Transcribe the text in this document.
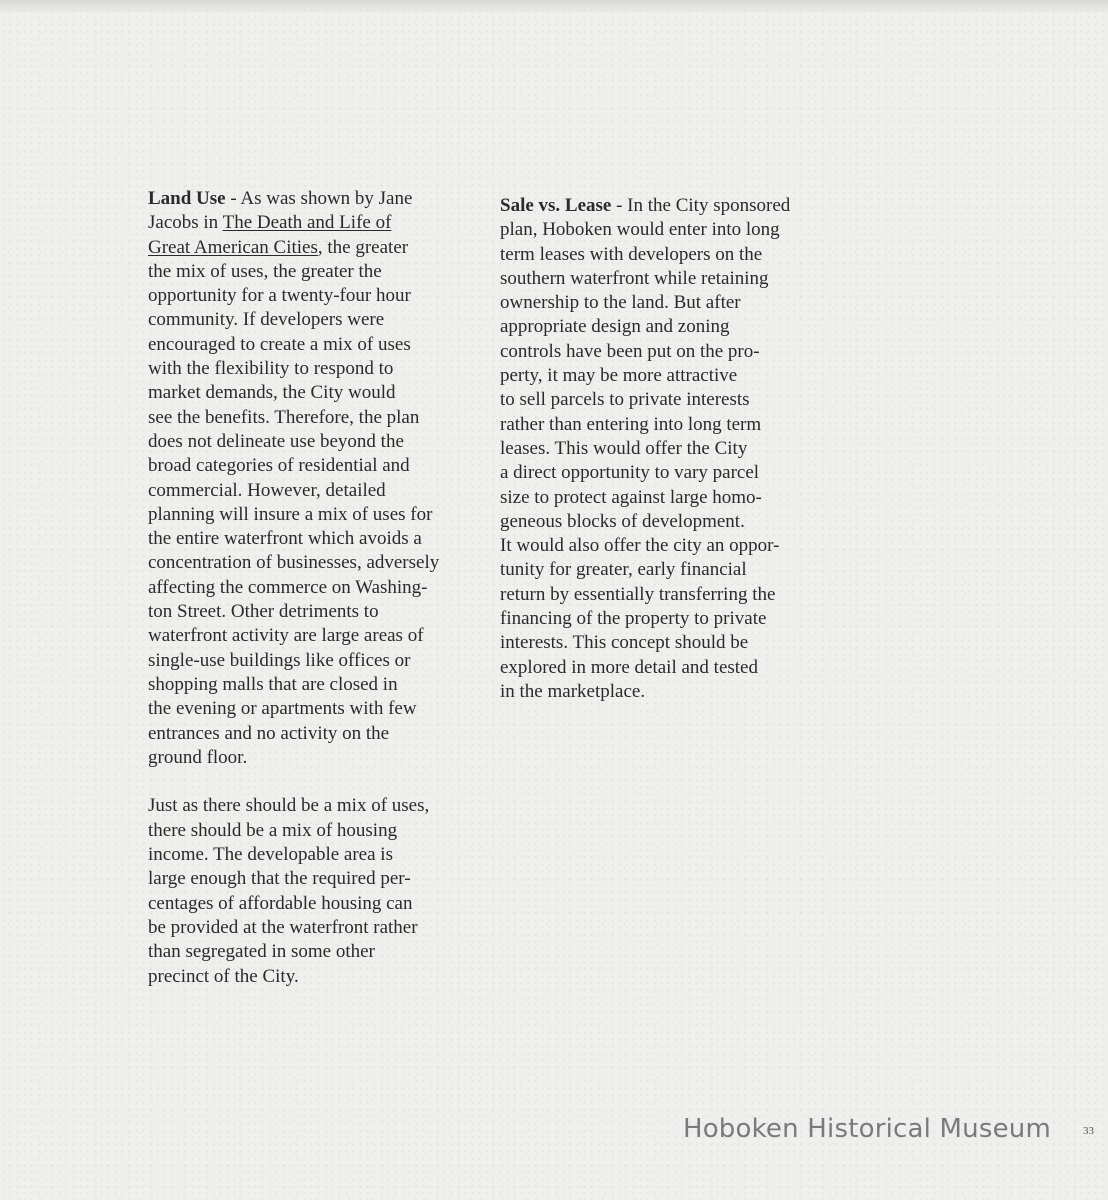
Land Use - As was shown by Jane
Jacobs in The Death and Life of
Great American Cities, the greater
the mix of uses, the greater the
opportunity for a twenty-four hour
community. If developers were
encouraged to create a mix of uses
with the flexibility to respond to
market demands, the City would
see the benefits. Therefore, the plan
does not delineate use beyond the
broad categories of residential and
commercial. However, detailed
planning will insure a mix of uses for
the entire waterfront which avoids a
concentration of businesses, adversely
affecting the commerce on Washing-
ton Street. Other detriments to
waterfront activity are large areas of
single-use buildings like offices or
shopping malls that are closed in
the evening or apartments with few
entrances and no activity on the
ground floor.
Just as there should be a mix of uses,
there should be a mix of housing
income. The developable area is
large enough that the required per-
centages of affordable housing can
be provided at the waterfront rather
than segregated in some other
precinct of the City.
Sale vs. Lease - In the City sponsored
plan, Hoboken would enter into long
term leases with developers on the
southern waterfront while retaining
ownership to the land. But after
appropriate design and zoning
controls have been put on the pro-
perty, it may be more attractive
to sell parcels to private interests
rather than entering into long term
leases. This would offer the City
a direct opportunity to vary parcel
size to protect against large homo-
geneous blocks of development.
It would also offer the city an oppor-
tunity for greater, early financial
return by essentially transferring the
financing of the property to private
interests. This concept should be
explored in more detail and tested
in the marketplace.
Hoboken Historical Museum	33
